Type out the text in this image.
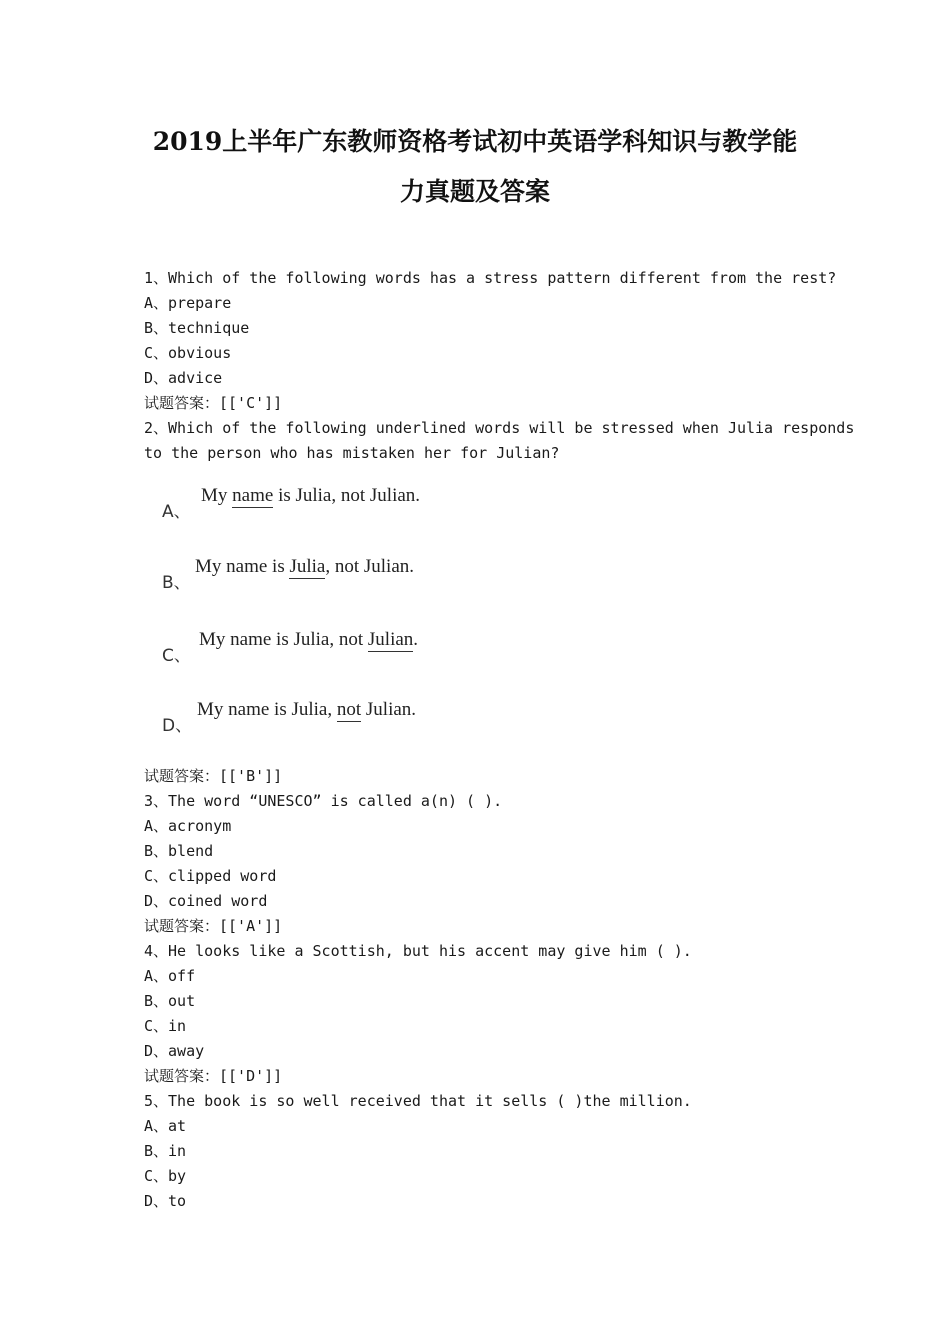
2019上半年广东教师资格考试初中英语学科知识与教学能
力真题及答案
1、Which of the following words has a stress pattern different from the rest?
A、prepare
B、technique
C、obvious
D、advice
试题答案：[['C']]
2、Which of the following underlined words will be stressed when Julia responds
to the person who has mistaken her for Julian?
A、
My name is Julia, not Julian.
B、
My name is Julia, not Julian.
C、
My name is Julia, not Julian.
D、
My name is Julia, not Julian.
试题答案：[['B']]
3、The word “UNESCO” is called a(n) ( ).
A、acronym
B、blend
C、clipped word
D、coined word
试题答案：[['A']]
4、He looks like a Scottish, but his accent may give him ( ).
A、off
B、out
C、in
D、away
试题答案：[['D']]
5、The book is so well received that it sells ( )the million.
A、at
B、in
C、by
D、to
